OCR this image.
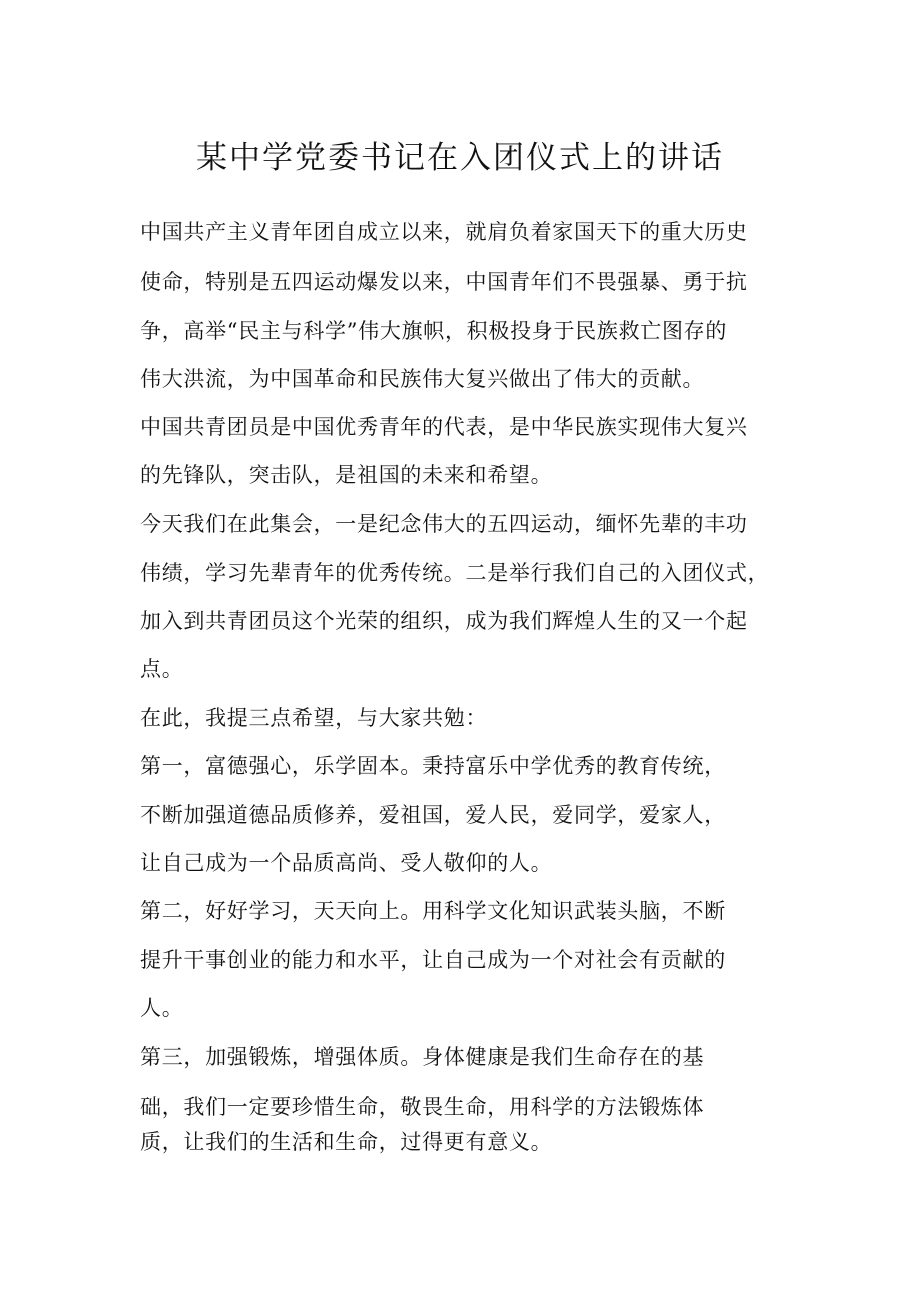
某中学党委书记在入团仪式上的讲话
中国共产主义青年团自成立以来，就肩负着家国天下的重大历史
使命，特别是五四运动爆发以来，中国青年们不畏强暴、勇于抗
争，高举“民主与科学”伟大旗帜，积极投身于民族救亡图存的
伟大洪流，为中国革命和民族伟大复兴做出了伟大的贡献。
中国共青团员是中国优秀青年的代表，是中华民族实现伟大复兴
的先锋队，突击队，是祖国的未来和希望。
今天我们在此集会，一是纪念伟大的五四运动，缅怀先辈的丰功
伟绩，学习先辈青年的优秀传统。二是举行我们自己的入团仪式，
加入到共青团员这个光荣的组织，成为我们辉煌人生的又一个起
点。
在此，我提三点希望，与大家共勉：
第一，富德强心，乐学固本。秉持富乐中学优秀的教育传统，
不断加强道德品质修养，爱祖国，爱人民，爱同学，爱家人，
让自己成为一个品质高尚、受人敬仰的人。
第二，好好学习，天天向上。用科学文化知识武装头脑，不断
提升干事创业的能力和水平，让自己成为一个对社会有贡献的
人。
第三，加强锻炼，增强体质。身体健康是我们生命存在的基
础，我们一定要珍惜生命，敬畏生命，用科学的方法锻炼体
质，让我们的生活和生命，过得更有意义。
